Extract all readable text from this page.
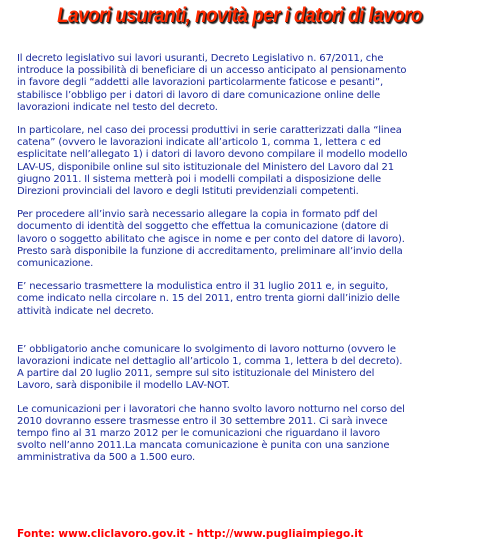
Lavori usuranti, novità per i datori di lavoro

Il decreto legislativo sui lavori usuranti, Decreto Legislativo n. 67/2011, che
introduce la possibilità di beneficiare di un accesso anticipato al pensionamento
in favore degli “addetti alle lavorazioni particolarmente faticose e pesanti”,
stabilisce l’obbligo per i datori di lavoro di dare comunicazione online delle
lavorazioni indicate nel testo del decreto.

In particolare, nel caso dei processi produttivi in serie caratterizzati dalla “linea
catena” (ovvero le lavorazioni indicate all’articolo 1, comma 1, lettera c ed
esplicitate nell’allegato 1) i datori di lavoro devono compilare il modello modello
LAV-US, disponibile online sul sito istituzionale del Ministero del Lavoro dal 21
giugno 2011. Il sistema metterà poi i modelli compilati a disposizione delle
Direzioni provinciali del lavoro e degli Istituti previdenziali competenti.

Per procedere all’invio sarà necessario allegare la copia in formato pdf del
documento di identità del soggetto che effettua la comunicazione (datore di
lavoro o soggetto abilitato che agisce in nome e per conto del datore di lavoro).
Presto sarà disponibile la funzione di accreditamento, preliminare all’invio della
comunicazione.

E’ necessario trasmettere la modulistica entro il 31 luglio 2011 e, in seguito,
come indicato nella circolare n. 15 del 2011, entro trenta giorni dall’inizio delle
attività indicate nel decreto.

E’ obbligatorio anche comunicare lo svolgimento di lavoro notturno (ovvero le
lavorazioni indicate nel dettaglio all’articolo 1, comma 1, lettera b del decreto).
A partire dal 20 luglio 2011, sempre sul sito istituzionale del Ministero del
Lavoro, sarà disponibile il modello LAV-NOT.

Le comunicazioni per i lavoratori che hanno svolto lavoro notturno nel corso del
2010 dovranno essere trasmesse entro il 30 settembre 2011. Ci sarà invece
tempo fino al 31 marzo 2012 per le comunicazioni che riguardano il lavoro
svolto nell’anno 2011.La mancata comunicazione è punita con una sanzione
amministrativa da 500 a 1.500 euro.

Fonte: www.cliclavoro.gov.it - http://www.pugliaimpiego.it
